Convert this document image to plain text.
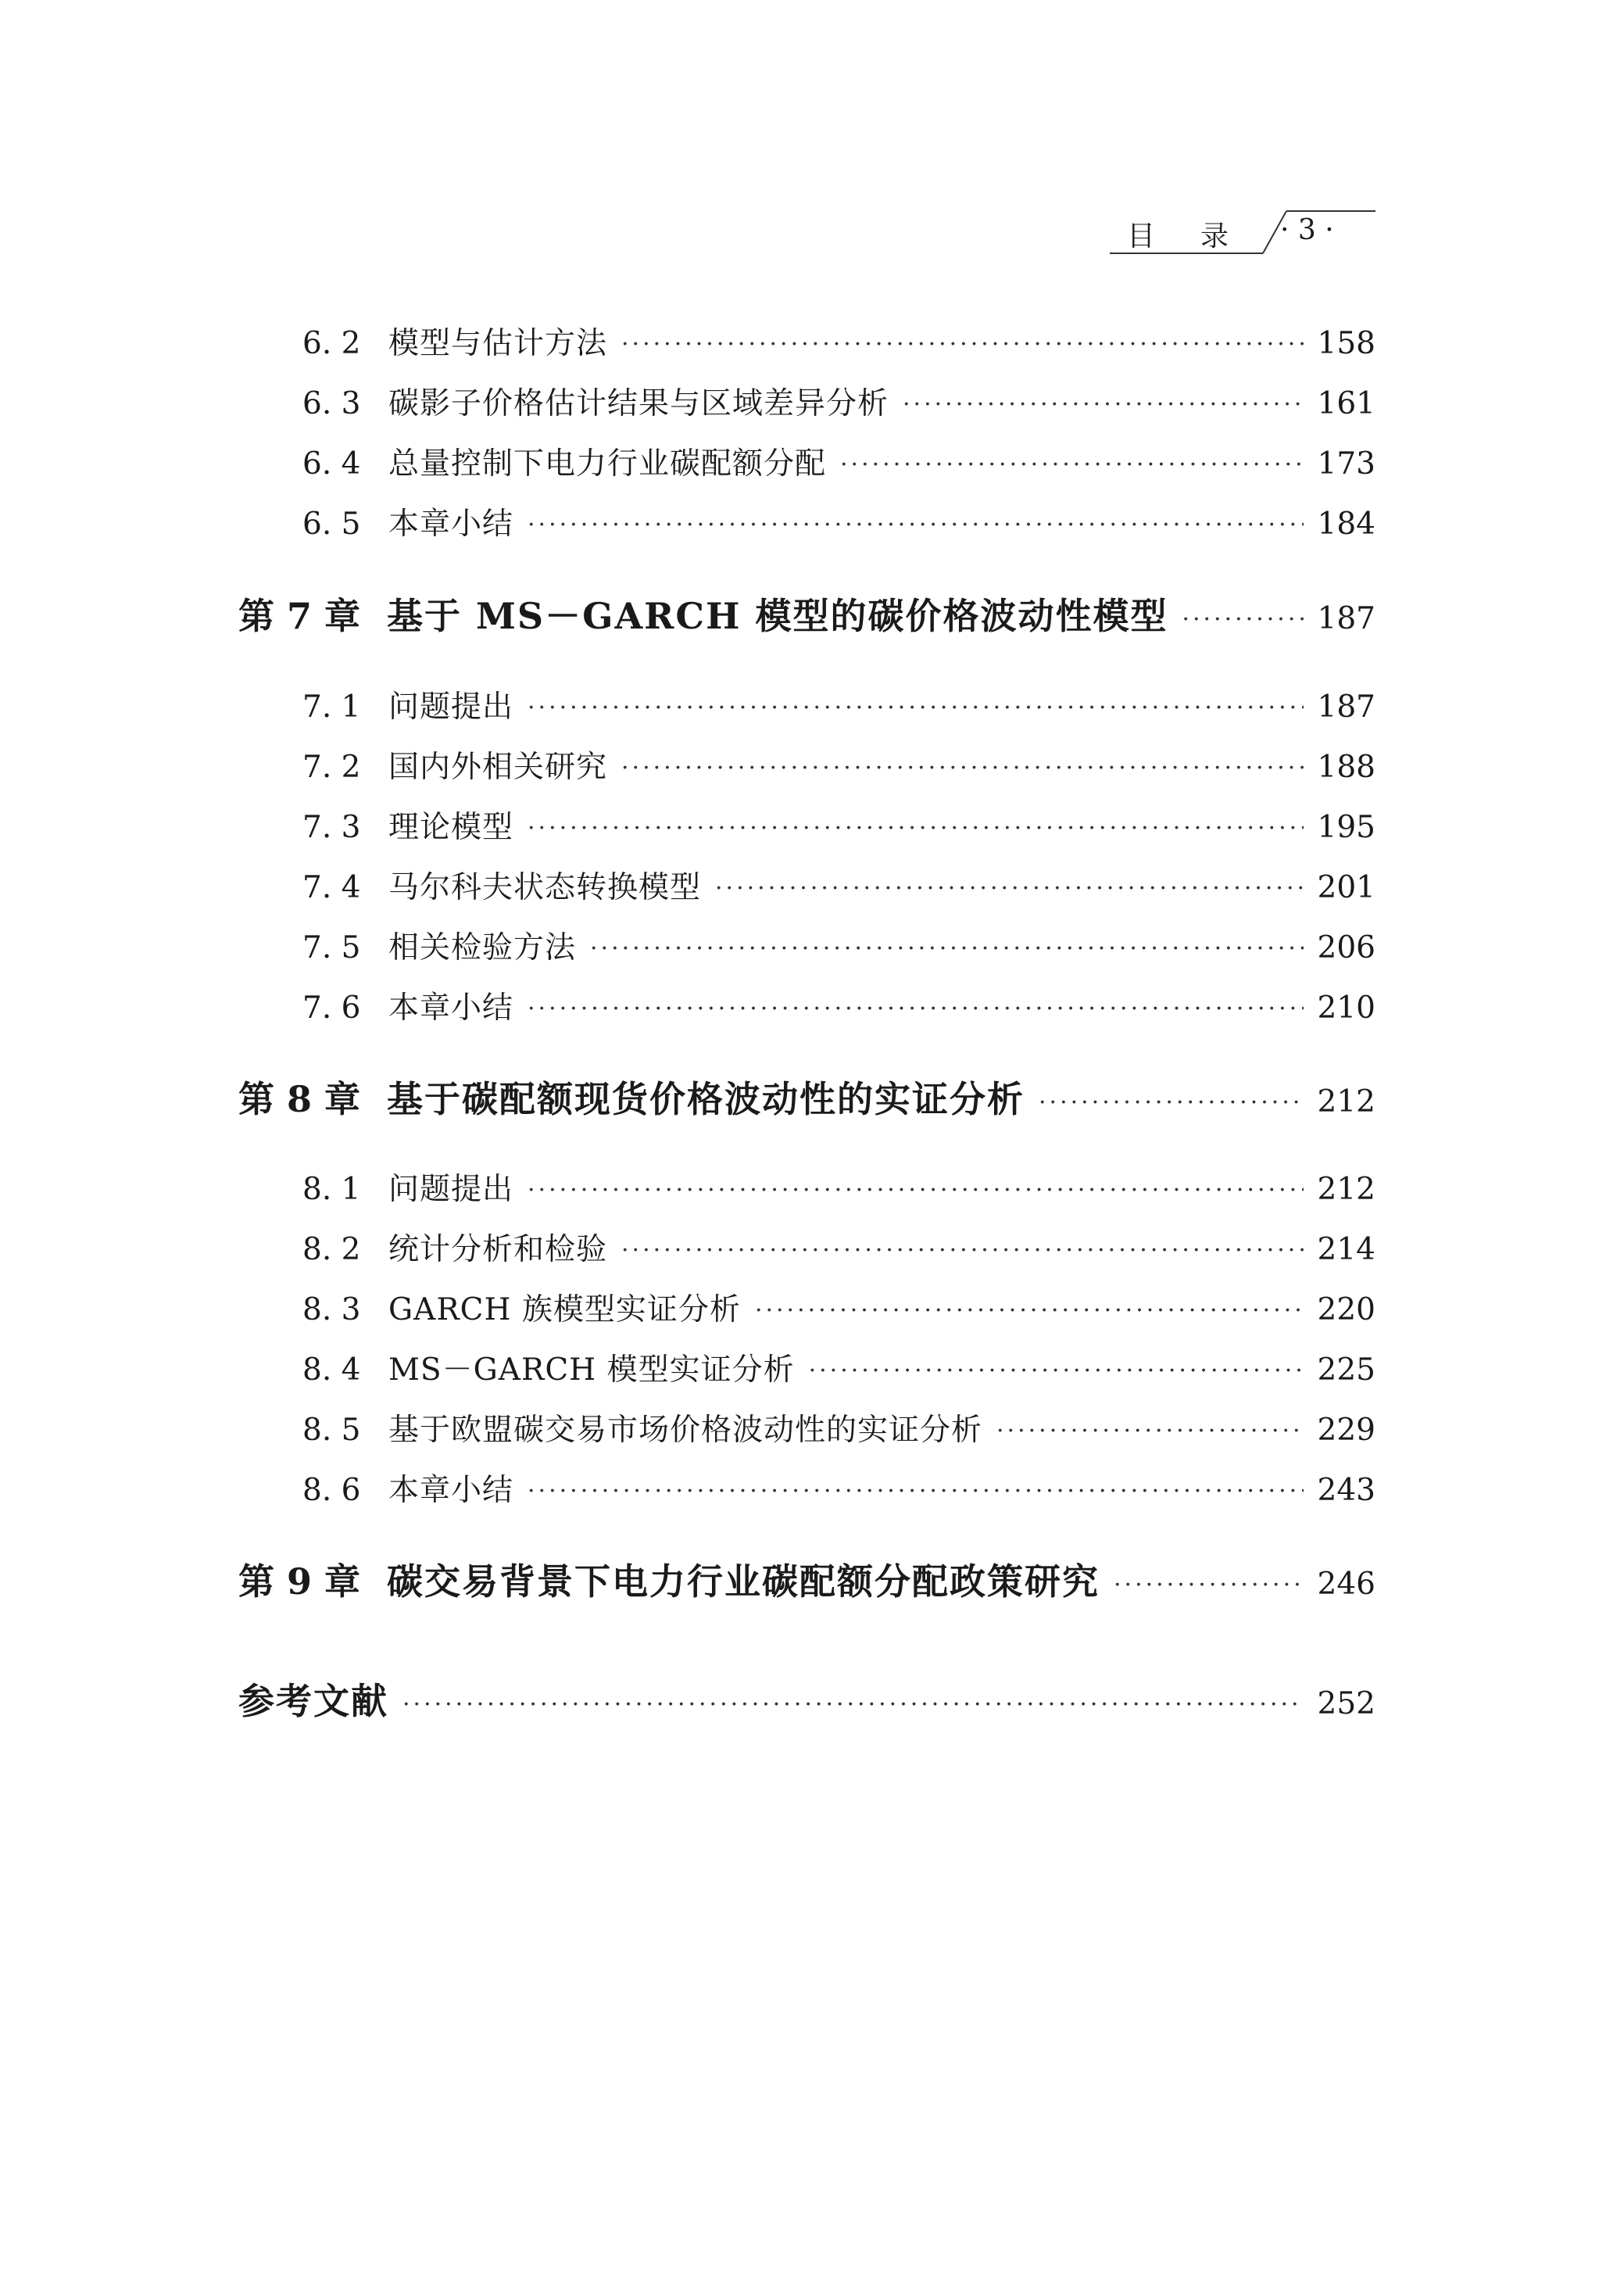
目录 · 3 ·
6. 2 模型与估计方法 ·····	158
6. 3 碳影子价格估计结果与区域差异分析 ·····	161
6. 4 总量控制下电力行业碳配额分配 ·····	173
6. 5 本章小结 ·····	184
第 7 章 基于 MS－GARCH 模型的碳价格波动性模型 ·····	187
7. 1 问题提出 ·····	187
7. 2 国内外相关研究 ·····	188
7. 3 理论模型 ·····	195
7. 4 马尔科夫状态转换模型 ·····	201
7. 5 相关检验方法 ·····	206
7. 6 本章小结 ·····	210
第 8 章 基于碳配额现货价格波动性的实证分析 ·····	212
8. 1 问题提出 ·····	212
8. 2 统计分析和检验 ·····	214
8. 3 GARCH 族模型实证分析 ·····	220
8. 4 MS－GARCH 模型实证分析 ·····	225
8. 5 基于欧盟碳交易市场价格波动性的实证分析 ·····	229
8. 6 本章小结 ·····	243
第 9 章 碳交易背景下电力行业碳配额分配政策研究 ·····	246
参考文献 ·····	252
